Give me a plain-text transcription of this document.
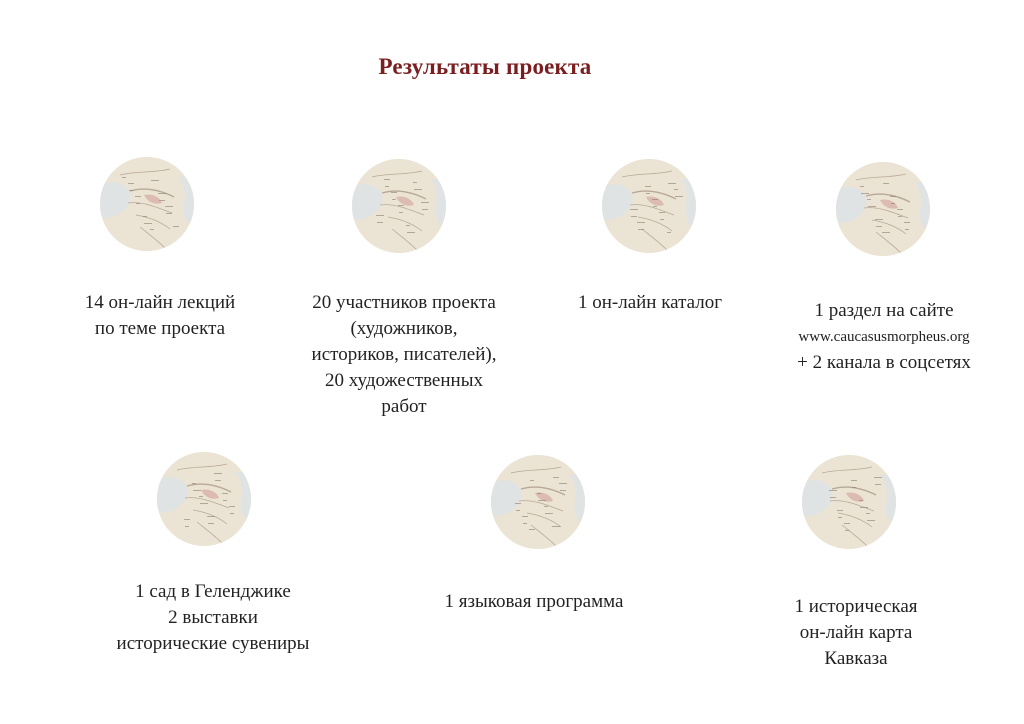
Результаты проекта
14 он-лайн лекций
по теме проекта
20 участников проекта
(художников,
историков, писателей),
20 художественных
работ
1 он-лайн каталог	1 раздел на сайте
www.caucasusmorpheus.org
+ 2 канала в соцсетях
1 сад в Геленджике
2 выставки
исторические сувениры
1 языковая программа	1 историческая
он-лайн карта
Кавказа
